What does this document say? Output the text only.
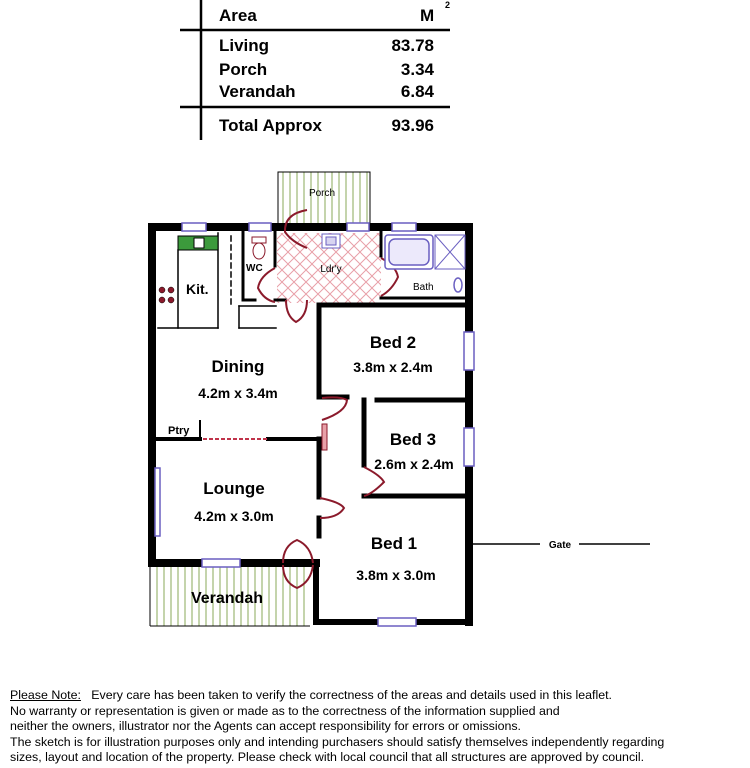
Area	M
2
Living	83.78
Porch	3.34
Verandah	6.84
Total Approx	93.96
Porch
Verandah
Kit.
WC	Ldr'y
Bath
Dining
4.2m x 3.4m
Bed 2
3.8m x 2.4m
Bed 3
2.6m x 2.4m
Ptry
Lounge
4.2m x 3.0m
Bed 1
3.8m x 3.0m
Gate

Please Note: Every care has been taken to verify the correctness of the areas and details used in this leaflet.

No warranty or representation is given or made as to the correctness of the information supplied and

neither the owners, illustrator nor the Agents can accept responsibility for errors or omissions.

The sketch is for illustration purposes only and intending purchasers should satisfy themselves independently regarding

sizes, layout and location of the property. Please check with local council that all structures are approved by council.
